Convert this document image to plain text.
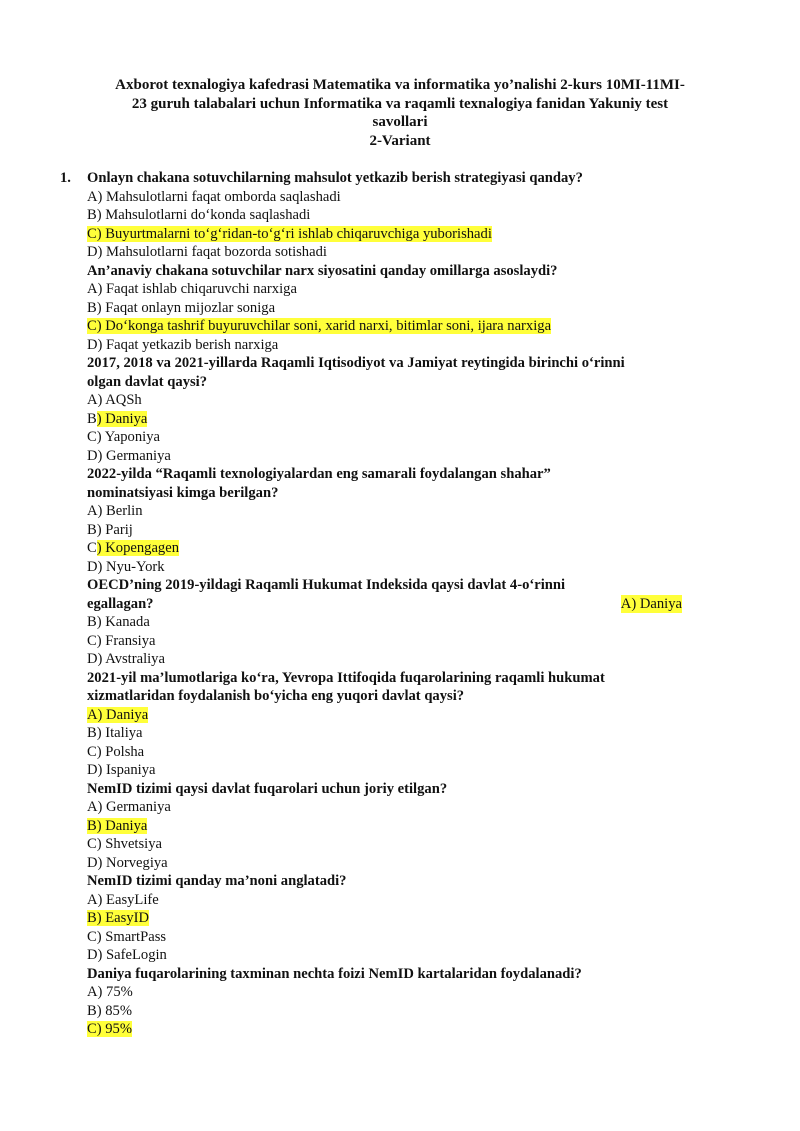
Axborot texnalogiya kafedrasi Matematika va informatika yo’nalishi 2-kurs 10MI-11MI-
23 guruh talabalari uchun Informatika va raqamli texnalogiya fanidan Yakuniy test
savollari
2-Variant
1. Onlayn chakana sotuvchilarning mahsulot yetkazib berish strategiyasi qanday?
A) Mahsulotlarni faqat omborda saqlashadi
B) Mahsulotlarni do‘konda saqlashadi
C) Buyurtmalarni to‘g‘ridan-to‘g‘ri ishlab chiqaruvchiga yuborishadi
D) Mahsulotlarni faqat bozorda sotishadi
An’anaviy chakana sotuvchilar narx siyosatini qanday omillarga asoslaydi?
A) Faqat ishlab chiqaruvchi narxiga
B) Faqat onlayn mijozlar soniga
C) Do‘konga tashrif buyuruvchilar soni, xarid narxi, bitimlar soni, ijara narxiga
D) Faqat yetkazib berish narxiga
2017, 2018 va 2021-yillarda Raqamli Iqtisodiyot va Jamiyat reytingida birinchi o‘rinni
olgan davlat qaysi?
A) AQSh
B) Daniya
C) Yaponiya
D) Germaniya
2022-yilda “Raqamli texnologiyalardan eng samarali foydalangan shahar”
nominatsiyasi kimga berilgan?
A) Berlin
B) Parij
C) Kopengagen
D) Nyu-York
OECD’ning 2019-yildagi Raqamli Hukumat Indeksida qaysi davlat 4-o‘rinni
egallagan?	A) Daniya
B) Kanada
C) Fransiya
D) Avstraliya
2021-yil ma’lumotlariga ko‘ra, Yevropa Ittifoqida fuqarolarining raqamli hukumat
xizmatlaridan foydalanish bo‘yicha eng yuqori davlat qaysi?
A) Daniya
B) Italiya
C) Polsha
D) Ispaniya
NemID tizimi qaysi davlat fuqarolari uchun joriy etilgan?
A) Germaniya
B) Daniya
C) Shvetsiya
D) Norvegiya
NemID tizimi qanday ma’noni anglatadi?
A) EasyLife
B) EasyID
C) SmartPass
D) SafeLogin
Daniya fuqarolarining taxminan nechta foizi NemID kartalaridan foydalanadi?
A) 75%
B) 85%
C) 95%
